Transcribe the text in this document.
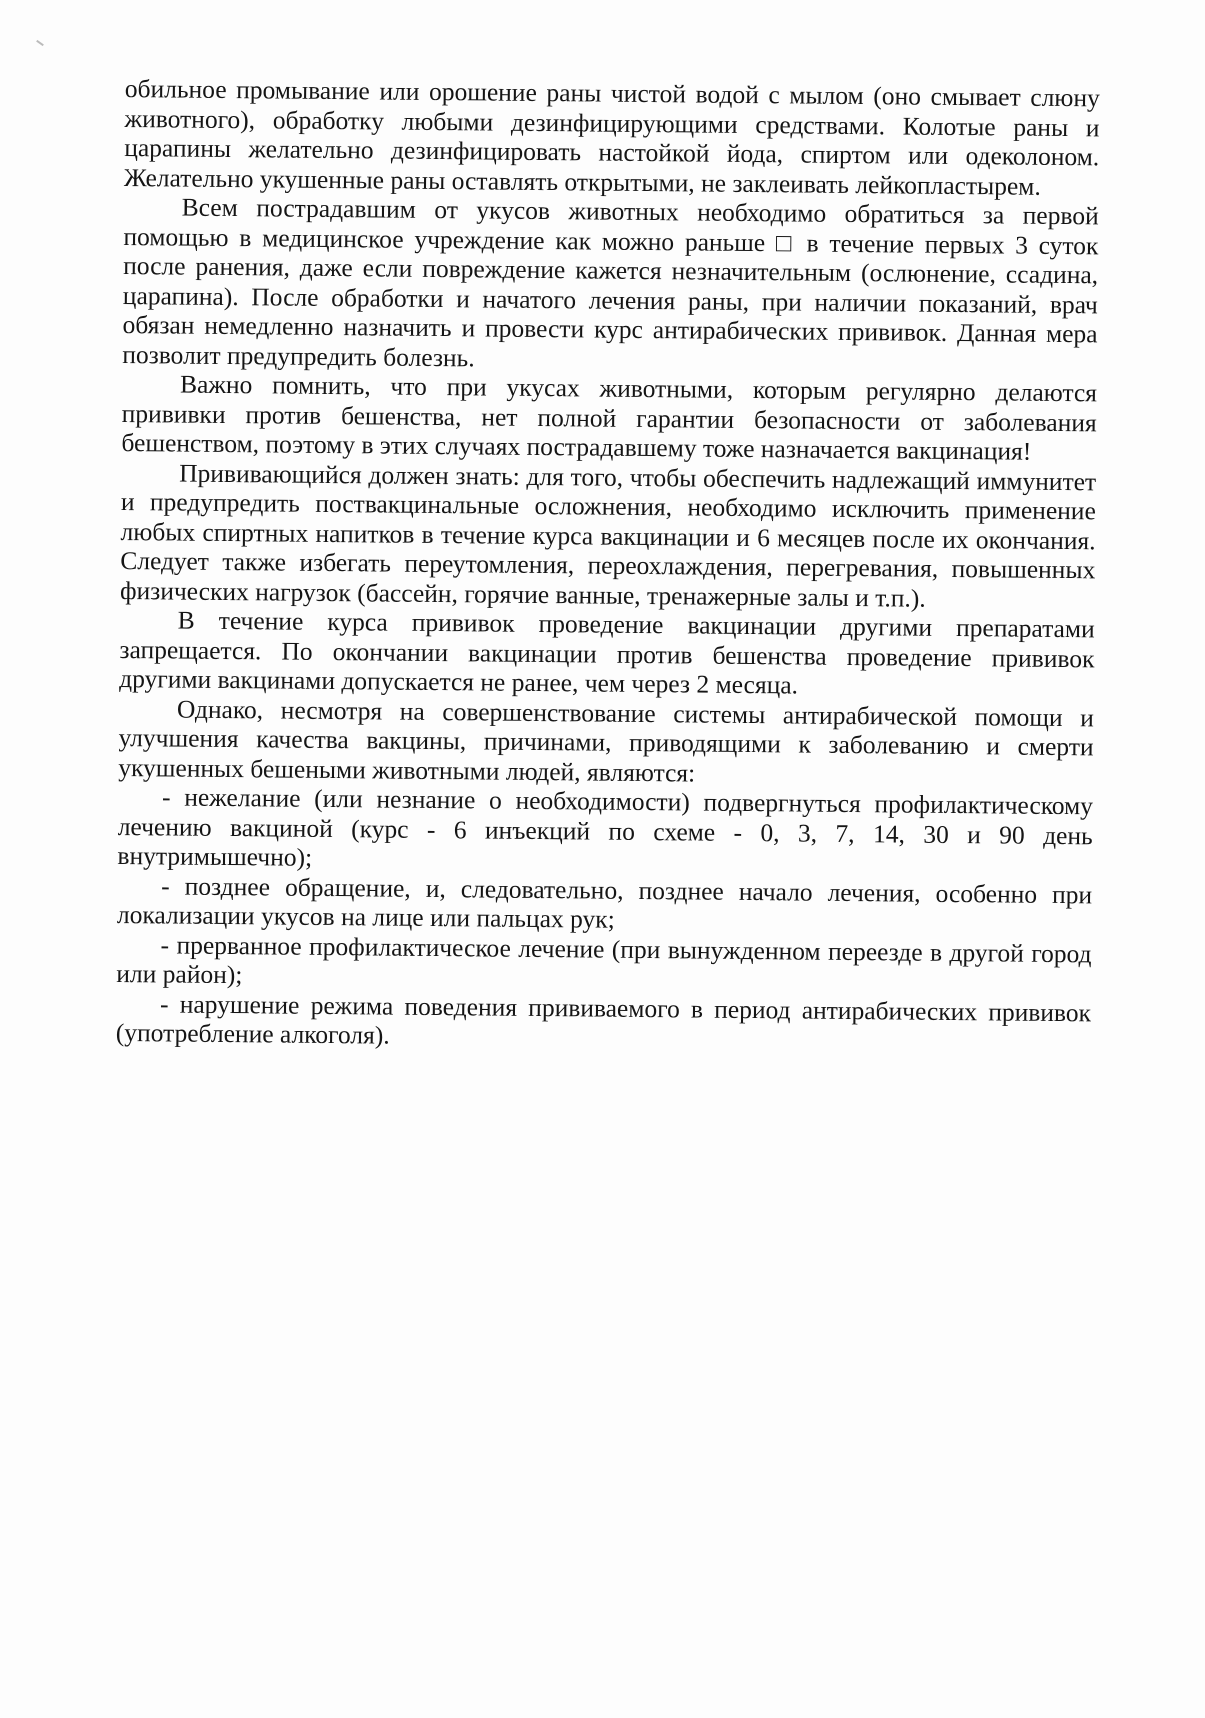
обильное промывание или орошение раны чистой водой с мылом (оно смывает слюну животного), обработку любыми дезинфицирующими средствами. Колотые раны и царапины желательно дезинфицировать настойкой йода, спиртом или одеколоном. Желательно укушенные раны оставлять открытыми, не заклеивать лейкопластырем.

Всем пострадавшим от укусов животных необходимо обратиться за первой помощью в медицинское учреждение как можно раньше □ в течение первых 3 суток после ранения, даже если повреждение кажется незначительным (ослюнение, ссадина, царапина). После обработки и начатого лечения раны, при наличии показаний, врач обязан немедленно назначить и провести курс антирабических прививок. Данная мера позволит предупредить болезнь.

Важно помнить, что при укусах животными, которым регулярно делаются прививки против бешенства, нет полной гарантии безопасности от заболевания бешенством, поэтому в этих случаях пострадавшему тоже назначается вакцинация!

Прививающийся должен знать: для того, чтобы обеспечить надлежащий иммунитет и предупредить поствакцинальные осложнения, необходимо исключить применение любых спиртных напитков в течение курса вакцинации и 6 месяцев после их окончания. Следует также избегать переутомления, переохлаждения, перегревания, повышенных физических нагрузок (бассейн, горячие ванные, тренажерные залы и т.п.).

В течение курса прививок проведение вакцинации другими препаратами запрещается. По окончании вакцинации против бешенства проведение прививок другими вакцинами допускается не ранее, чем через 2 месяца.

Однако, несмотря на совершенствование системы антирабической помощи и улучшения качества вакцины, причинами, приводящими к заболеванию и смерти укушенных бешеными животными людей, являются:

- нежелание (или незнание о необходимости) подвергнуться профилактическому лечению вакциной (курс - 6 инъекций по схеме - 0, 3, 7, 14, 30 и 90 день внутримышечно);

- позднее обращение, и, следовательно, позднее начало лечения, особенно при локализации укусов на лице или пальцах рук;

- прерванное профилактическое лечение (при вынужденном переезде в другой город или район);

- нарушение режима поведения прививаемого в период антирабических прививок (употребление алкоголя).
